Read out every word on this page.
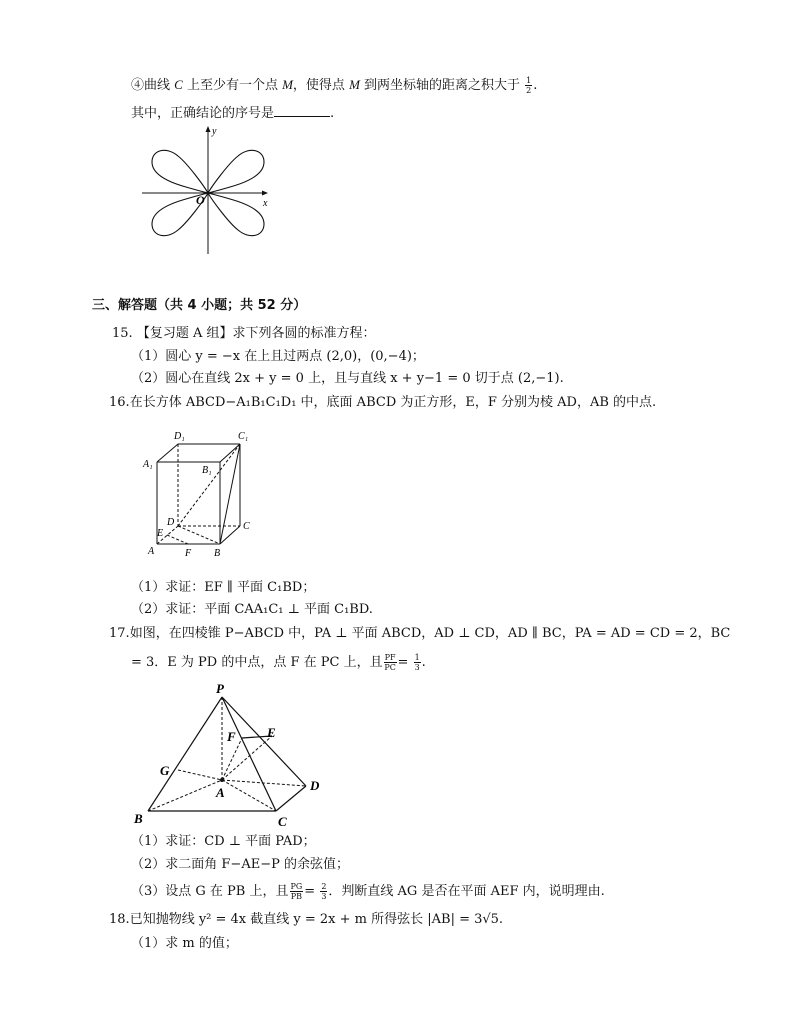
④曲线 C 上至少有一个点 M，使得点 M 到两坐标轴的距离之积大于 $\frac{1}{2}$ .
其中，正确结论的序号是	.
y
x
O
三、解答题（共 4 小题；共 52 分）
15. 【复习题 A 组】求下列各圆的标准方程：
（1）圆心 y = −x 在上且过两点 (2,0)，(0,−4)；
（2）圆心在直线 2x + y = 0 上，且与直线 x + y−1 = 0 切于点 (2,−1).
16.在长方体 ABCD−A₁B₁C₁D₁ 中，底面 ABCD 为正方形，E，F 分别为棱 AD，AB 的中点.
D₁	C₁
A₁
B₁
D	C
E
A	F B
（1）求证：EF ∥ 平面 C₁BD；
（2）求证：平面 CAA₁C₁ ⊥ 平面 C₁BD.
17.如图，在四棱锥 P−ABCD 中，PA ⊥ 平面 ABCD，AD ⊥ CD，AD ∥ BC，PA = AD = CD = 2，BC
= 3．E 为 PD 的中点，点 F 在 PC 上，且 $\frac{PF}{PC} = \frac{1}{3}$ .
P
F E
G
A	D
B	C
（1）求证：CD ⊥ 平面 PAD；
（2）求二面角 F−AE−P 的余弦值；
（3）设点 G 在 PB 上，且 $\frac{PG}{PB} = \frac{2}{3}$ ．判断直线 AG 是否在平面 AEF 内，说明理由.
18.已知抛物线 y² = 4x 截直线 y = 2x + m 所得弦长 |AB| = 3√5.
（1）求 m 的值；
